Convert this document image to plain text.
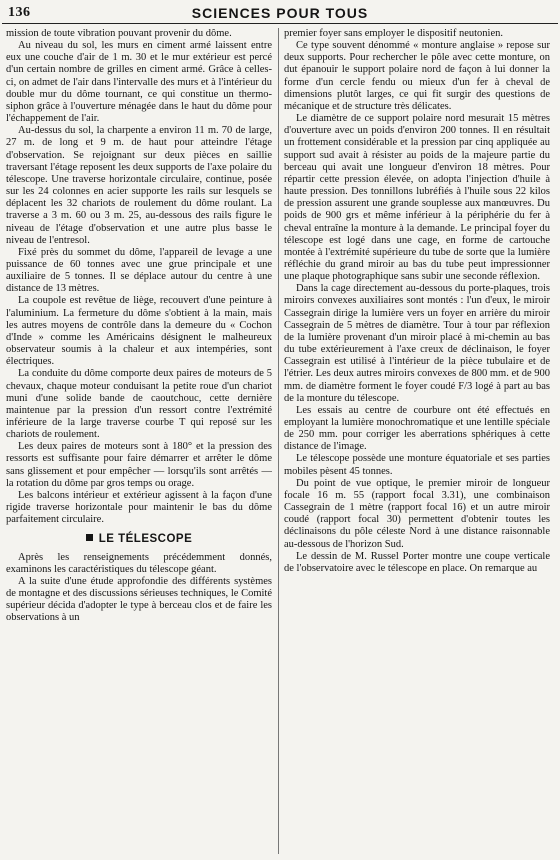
136	SCIENCES POUR TOUS

mission de toute vibration pouvant provenir du dôme.

Au niveau du sol, les murs en ciment armé laissent entre eux une couche d'air de 1 m. 30 et le mur extérieur est percé d'un certain nombre de grilles en ciment armé. Grâce à celles-ci, on admet de l'air dans l'intervalle des murs et à l'intérieur du double mur du dôme tournant, ce qui constitue un thermo-siphon grâce à l'ouverture ménagée dans le haut du dôme pour l'échappement de l'air.

Au-dessus du sol, la charpente a environ 11 m. 70 de large, 27 m. de long et 9 m. de haut pour atteindre l'étage d'observation. Se rejoignant sur deux pièces en saillie traversant l'étage reposent les deux supports de l'axe polaire du télescope. Une traverse horizontale circulaire, continue, posée sur les 24 colonnes en acier supporte les rails sur lesquels se déplacent les 32 chariots de roulement du dôme roulant. La traverse a 3 m. 60 ou 3 m. 25, au-dessous des rails figure le niveau de l'étage d'observation et une autre plus basse le niveau de l'entresol.

Fixé près du sommet du dôme, l'appareil de levage a une puissance de 60 tonnes avec une grue principale et une auxiliaire de 5 tonnes. Il se déplace autour du centre à une distance de 13 mètres.

La coupole est revêtue de liège, recouvert d'une peinture à l'aluminium. La fermeture du dôme s'obtient à la main, mais les autres moyens de contrôle dans la demeure du « Cochon d'Inde » comme les Américains désignent le malheureux observateur soumis à la chaleur et aux intempéries, sont électriques.

La conduite du dôme comporte deux paires de moteurs de 5 chevaux, chaque moteur conduisant la petite roue d'un chariot muni d'une solide bande de caoutchouc, cette dernière maintenue par la pression d'un ressort contre l'extrémité inférieure de la large traverse courbe T qui reposé sur les chariots de roulement.

Les deux paires de moteurs sont à 180° et la pression des ressorts est suffisante pour faire démarrer et arrêter le dôme sans glissement et pour empêcher — lorsqu'ils sont arrêtés — la rotation du dôme par gros temps ou orage.

Les balcons intérieur et extérieur agissent à la façon d'une rigide traverse horizontale pour maintenir le bas du dôme parfaitement circulaire.

LE TÉLESCOPE

Après les renseignements précédemment donnés, examinons les caractéristiques du télescope géant.

A la suite d'une étude approfondie des différents systèmes de montagne et des discussions sérieuses techniques, le Comité supérieur décida d'adopter le type à berceau clos et de faire les observations à un

premier foyer sans employer le dispositif neutonien.

Ce type souvent dénommé « monture anglaise » repose sur deux supports. Pour rechercher le pôle avec cette monture, on dut épanouir le support polaire nord de façon à lui donner la forme d'un cercle fendu ou mieux d'un fer à cheval de dimensions plutôt larges, ce qui fit surgir des questions de mécanique et de structure très délicates.

Le diamètre de ce support polaire nord mesurait 15 mètres d'ouverture avec un poids d'environ 200 tonnes. Il en résultait un frottement considérable et la pression par cinq appliquée au support sud avait à résister au poids de la majeure partie du berceau qui avait une longueur d'environ 18 mètres. Pour répartir cette pression élevée, on adopta l'injection d'huile à haute pression. Des tonnillons lubréfiés à l'huile sous 22 kilos de pression assurent une grande souplesse aux manœuvres. Du poids de 900 grs et même inférieur à la périphérie du fer à cheval entraîne la monture à la demande. Le principal foyer du télescope est logé dans une cage, en forme de cartouche montée à l'extrémité supérieure du tube de sorte que la lumière réfléchie du grand miroir au bas du tube peut impressionner une plaque photographique sans subir une seconde réflexion.

Dans la cage directement au-dessous du porte-plaques, trois miroirs convexes auxiliaires sont montés : l'un d'eux, le miroir Cassegrain dirige la lumière vers un foyer en arrière du miroir Cassegrain de 5 mètres de diamètre. Tour à tour par réflexion de la lumière provenant d'un miroir placé à mi-chemin au bas du tube extérieurement à l'axe creux de déclinaison, le foyer Cassegrain est utilisé à l'intérieur de la pièce tubulaire et de l'étrier. Les deux autres miroirs convexes de 800 mm. et de 900 mm. de diamètre forment le foyer coudé F/3 logé à part au bas de la monture du télescope.

Les essais au centre de courbure ont été effectués en employant la lumière monochromatique et une lentille spéciale de 250 mm. pour corriger les aberrations sphériques à cette distance de l'image.

Le télescope possède une monture équatoriale et ses parties mobiles pèsent 45 tonnes.

Du point de vue optique, le premier miroir de longueur focale 16 m. 55 (rapport focal 3.31), une combinaison Cassegrain de 1 mètre (rapport focal 16) et un autre miroir coudé (rapport focal 30) permettent d'obtenir toutes les déclinaisons du pôle céleste Nord à une distance raisonnable au-dessous de l'horizon Sud.

Le dessin de M. Russel Porter montre une coupe verticale de l'observatoire avec le télescope en place. On remarque au
